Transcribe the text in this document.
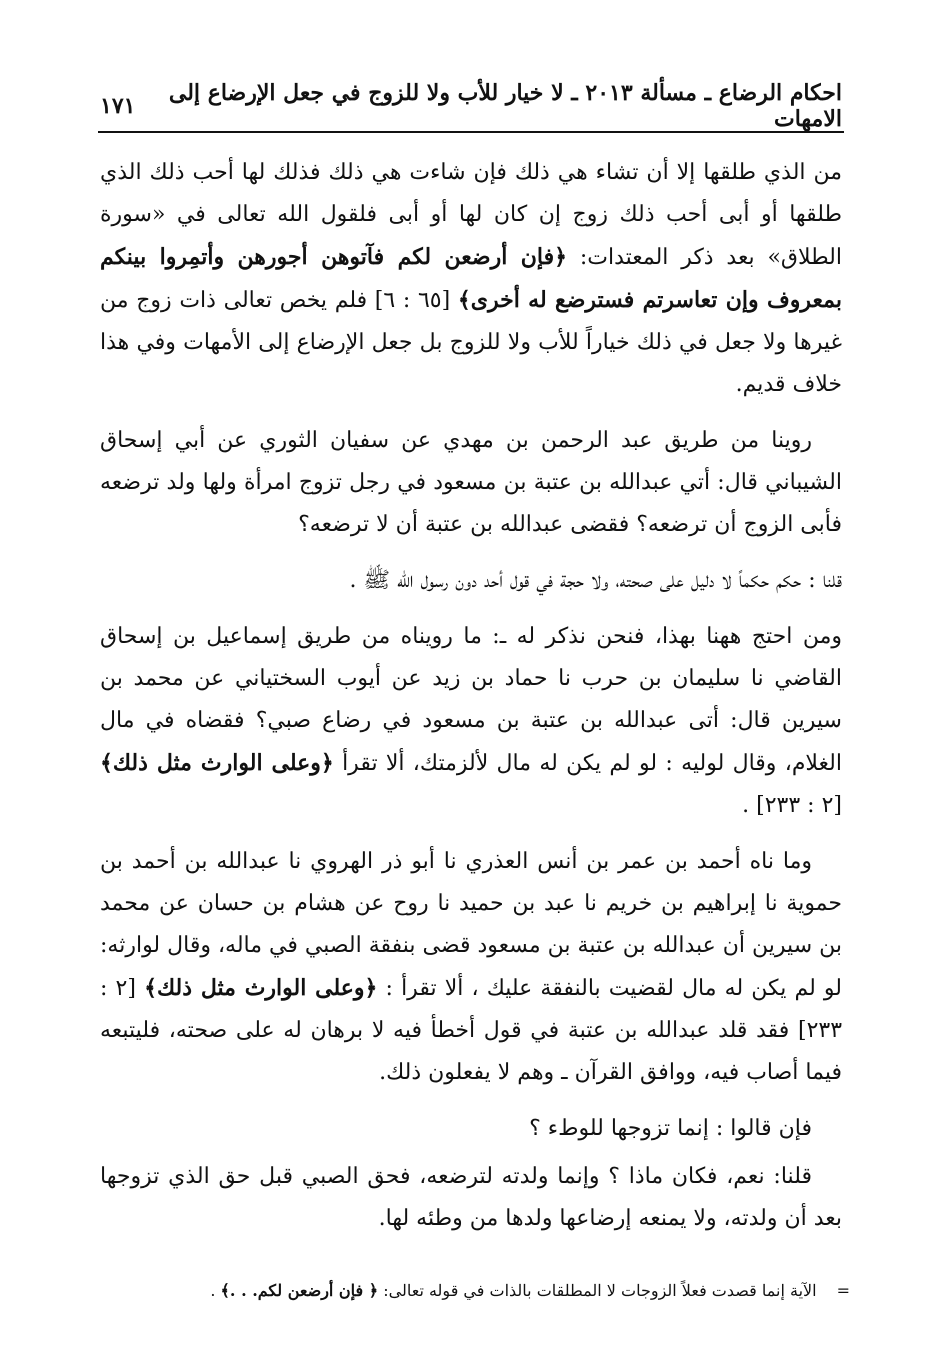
احكام الرضاع ـ مسألة ٢٠١٣ ـ لا خيار للأب ولا للزوج في جعل الإرضاع إلى الامهات
١٧١

من الذي طلقها إلا أن تشاء هي ذلك فإن شاءت هي ذلك فذلك لها أحب ذلك الذي طلقها أو أبى أحب ذلك زوج إن كان لها أو أبى فلقول الله تعالى في «سورة الطلاق» بعد ذكر المعتدات: ﴿فإن أرضعن لكم فآتوهن أجورهن وأتمِروا بينكم بمعروف وإن تعاسرتم فسترضع له أخرى﴾ [٦٥ : ٦] فلم يخص تعالى ذات زوج من غيرها ولا جعل في ذلك خياراً للأب ولا للزوج بل جعل الإرضاع إلى الأمهات وفي هذا خلاف قديم.

روينا من طريق عبد الرحمن بن مهدي عن سفيان الثوري عن أبي إسحاق الشيباني قال: أتي عبدالله بن عتبة بن مسعود في رجل تزوج امرأة ولها ولد ترضعه فأبى الزوج أن ترضعه؟ فقضى عبدالله بن عتبة أن لا ترضعه؟

قلنا : حكم حكماً لا دليل على صحته، ولا حجة في قول أحد دون رسول الله ﷺ .

ومن احتج ههنا بهذا، فنحن نذكر له ـ: ما رويناه من طريق إسماعيل بن إسحاق القاضي نا سليمان بن حرب نا حماد بن زيد عن أيوب السختياني عن محمد بن سيرين قال: أتى عبدالله بن عتبة بن مسعود في رضاع صبي؟ فقضاه في مال الغلام، وقال لوليه : لو لم يكن له مال لألزمتك، ألا تقرأ ﴿وعلى الوارث مثل ذلك﴾ [٢ : ٢٣٣] .

وما ناه أحمد بن عمر بن أنس العذري نا أبو ذر الهروي نا عبدالله بن أحمد بن حموية نا إبراهيم بن خريم نا عبد بن حميد نا روح عن هشام بن حسان عن محمد بن سيرين أن عبدالله بن عتبة بن مسعود قضى بنفقة الصبي في ماله، وقال لوارثه: لو لم يكن له مال لقضيت بالنفقة عليك ، ألا تقرأ : ﴿وعلى الوارث مثل ذلك﴾ [٢ : ٢٣٣] فقد قلد عبدالله بن عتبة في قول أخطأ فيه لا برهان له على صحته، فليتبعه فيما أصاب فيه، ووافق القرآن ـ وهم لا يفعلون ذلك.

فإن قالوا : إنما تزوجها للوطء ؟

قلنا: نعم، فكان ماذا ؟ وإنما ولدته لترضعه، فحق الصبي قبل حق الذي تزوجها بعد أن ولدته، ولا يمنعه إرضاعها ولدها من وطئه لها.

=الآية إنما قصدت فعلاً الزوجات لا المطلقات بالذات في قوله تعالى: ﴿ فإن أرضعن لكم. . .﴾ .
